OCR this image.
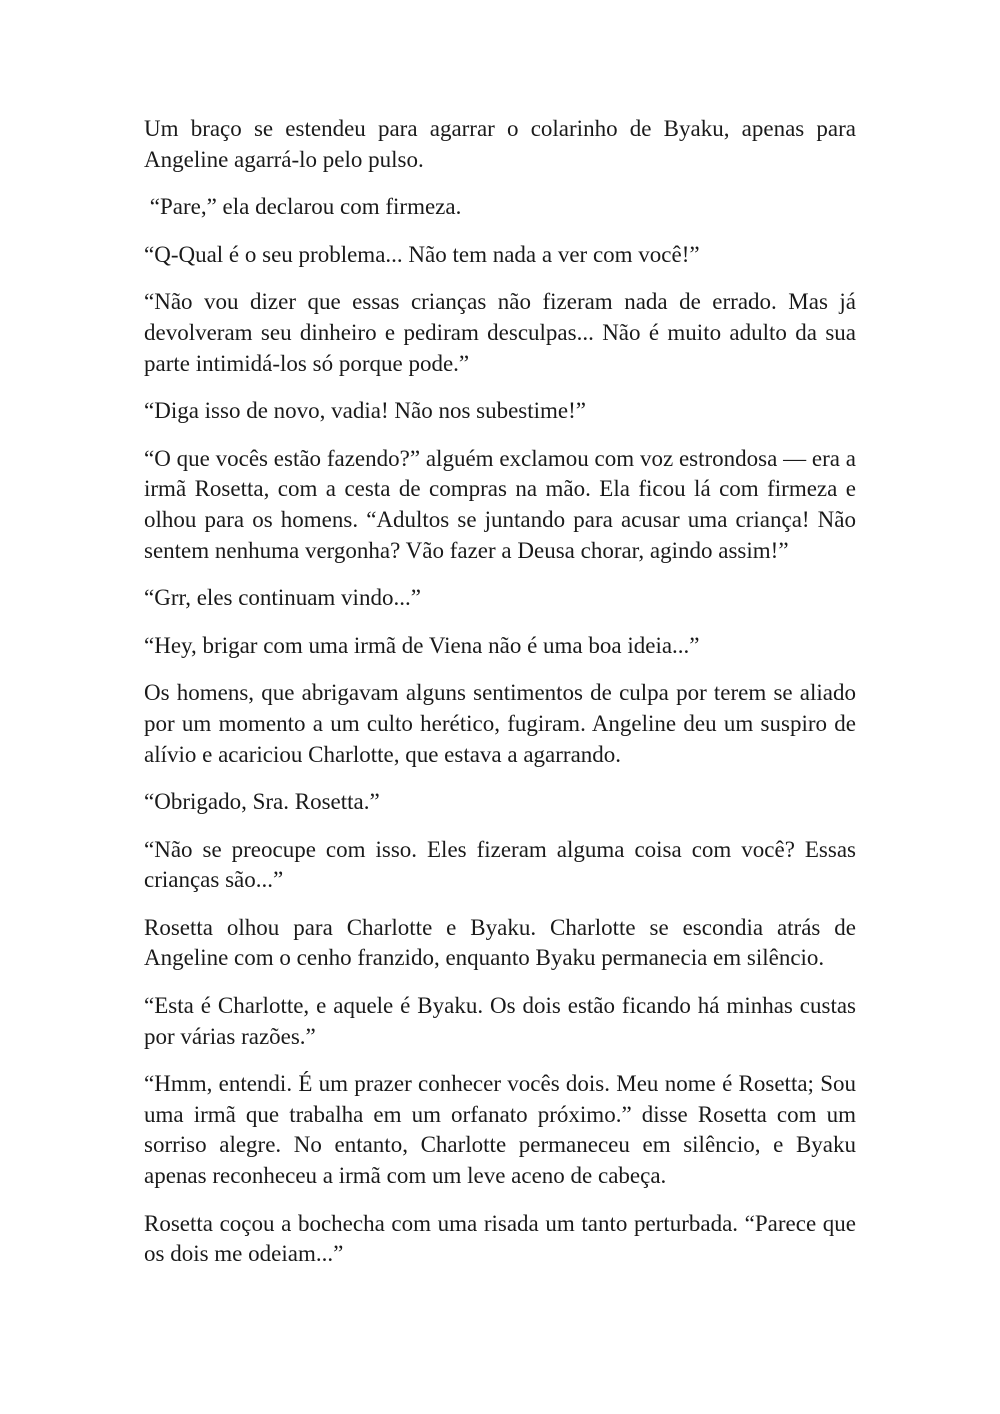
Um braço se estendeu para agarrar o colarinho de Byaku, apenas para Angeline agarrá-lo pelo pulso.

“Pare,” ela declarou com firmeza.

“Q-Qual é o seu problema... Não tem nada a ver com você!”

“Não vou dizer que essas crianças não fizeram nada de errado. Mas já devolveram seu dinheiro e pediram desculpas... Não é muito adulto da sua parte intimidá-los só porque pode.”

“Diga isso de novo, vadia! Não nos subestime!”

“O que vocês estão fazendo?” alguém exclamou com voz estrondosa — era a irmã Rosetta, com a cesta de compras na mão. Ela ficou lá com firmeza e olhou para os homens. “Adultos se juntando para acusar uma criança! Não sentem nenhuma vergonha? Vão fazer a Deusa chorar, agindo assim!”

“Grr, eles continuam vindo...”

“Hey, brigar com uma irmã de Viena não é uma boa ideia...”

Os homens, que abrigavam alguns sentimentos de culpa por terem se aliado por um momento a um culto herético, fugiram. Angeline deu um suspiro de alívio e acariciou Charlotte, que estava a agarrando.

“Obrigado, Sra. Rosetta.”

“Não se preocupe com isso. Eles fizeram alguma coisa com você? Essas crianças são...”

Rosetta olhou para Charlotte e Byaku. Charlotte se escondia atrás de Angeline com o cenho franzido, enquanto Byaku permanecia em silêncio.

“Esta é Charlotte, e aquele é Byaku. Os dois estão ficando há minhas custas por várias razões.”

“Hmm, entendi. É um prazer conhecer vocês dois. Meu nome é Rosetta; Sou uma irmã que trabalha em um orfanato próximo.” disse Rosetta com um sorriso alegre. No entanto, Charlotte permaneceu em silêncio, e Byaku apenas reconheceu a irmã com um leve aceno de cabeça.

Rosetta coçou a bochecha com uma risada um tanto perturbada. “Parece que os dois me odeiam...”
